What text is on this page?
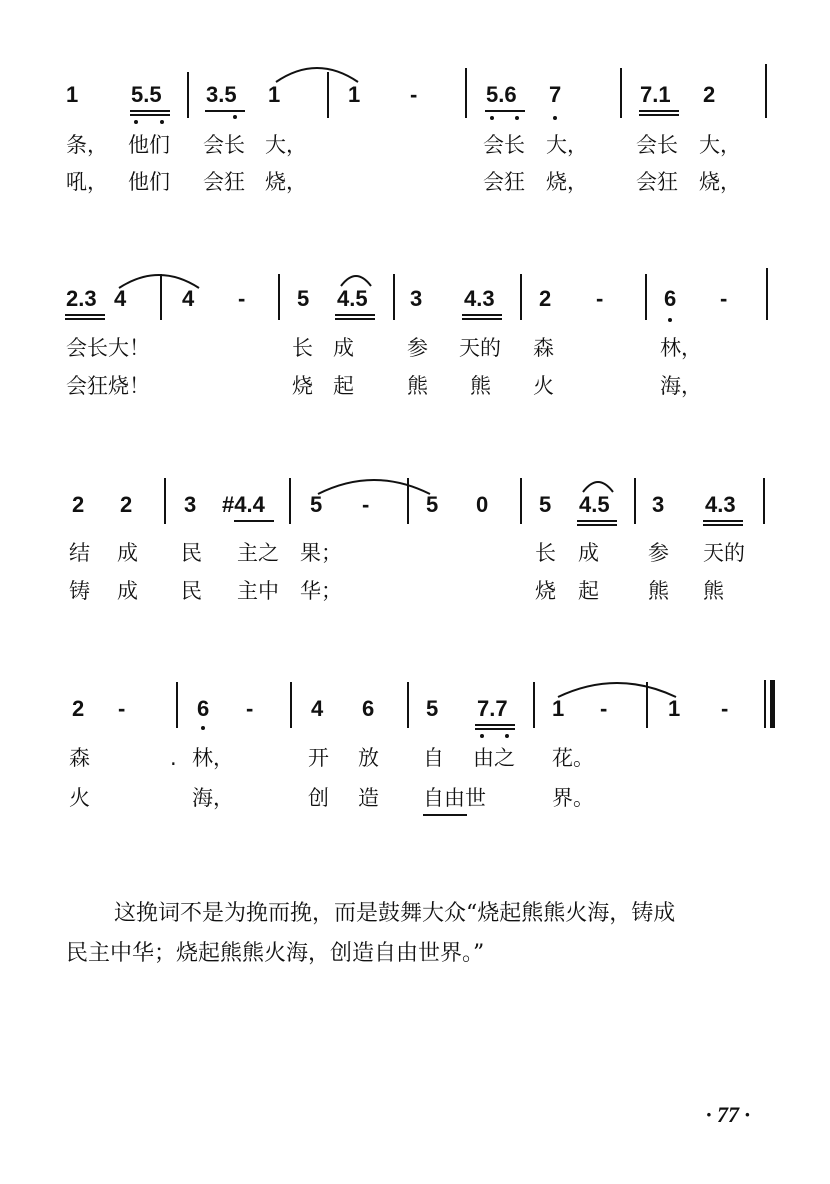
1 5.5 3.5 1	1 -	5.6 7	7.1 2
条， 他们 会长 大，	会长 大， 会长 大，
吼， 他们 会狂 烧，	会狂 烧， 会狂 烧，
2.3 4	4 - 5 4.5 3 4.3 2 -	6 -
会长大！	长 成	参 天的 森	林，
会狂烧！	烧 起	熊 熊 火	海，
2 2 3 #4.4 5 -	5 0 5 4.5 3 4.3
结 成 民 主之 果；	长 成 参 天的
铸 成 民 主中 华；	烧 起 熊 熊
2 -	6 -	4 6 5 7.7 1 -	1 -
森	. 林，	开 放 自 由之 花。
火	海，	创 造 自由世	界。
这挽词不是为挽而挽，而是鼓舞大众“烧起熊熊火海，铸成
民主中华；烧起熊熊火海，创造自由世界。”
· 77 ·
